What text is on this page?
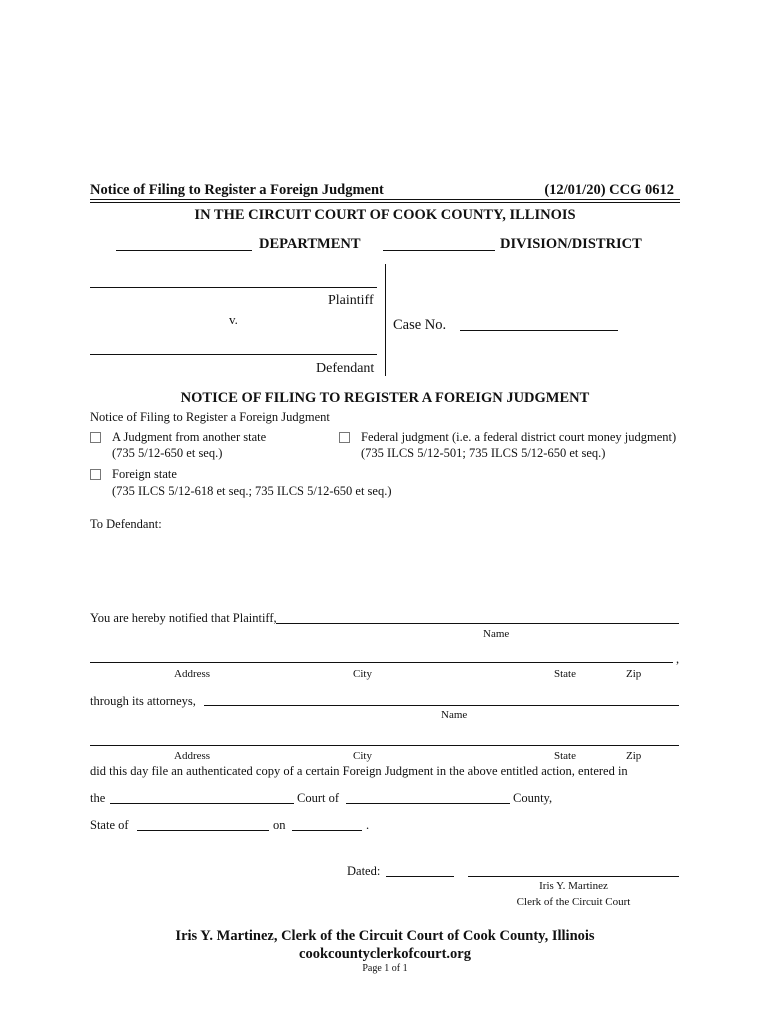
Notice of Filing to Register a Foreign Judgment	(12/01/20) CCG 0612
IN THE CIRCUIT COURT OF COOK COUNTY, ILLINOIS
DEPARTMENT	DIVISION/DISTRICT
Plaintiff
v.
Defendant
Case No.
NOTICE OF FILING TO REGISTER A FOREIGN JUDGMENT
Notice of Filing to Register a Foreign Judgment
A Judgment from another state
(735 5/12-650 et seq.)
Federal judgment (i.e. a federal district court money judgment)
(735 ILCS 5/12-501; 735 ILCS 5/12-650 et seq.)
Foreign state
(735 ILCS 5/12-618 et seq.; 735 ILCS 5/12-650 et seq.)
To Defendant:
You are hereby notified that Plaintiff,
Name
,
Address	City	State	Zip
through its attorneys,
Name
Address	City	State	Zip
did this day file an authenticated copy of a certain Foreign Judgment in the above entitled action, entered in
the	Court of	County,
State of	on	.
Dated:
Iris Y. Martinez
Clerk of the Circuit Court
Iris Y. Martinez, Clerk of the Circuit Court of Cook County, Illinois
cookcountyclerkofcourt.org
Page 1 of 1
